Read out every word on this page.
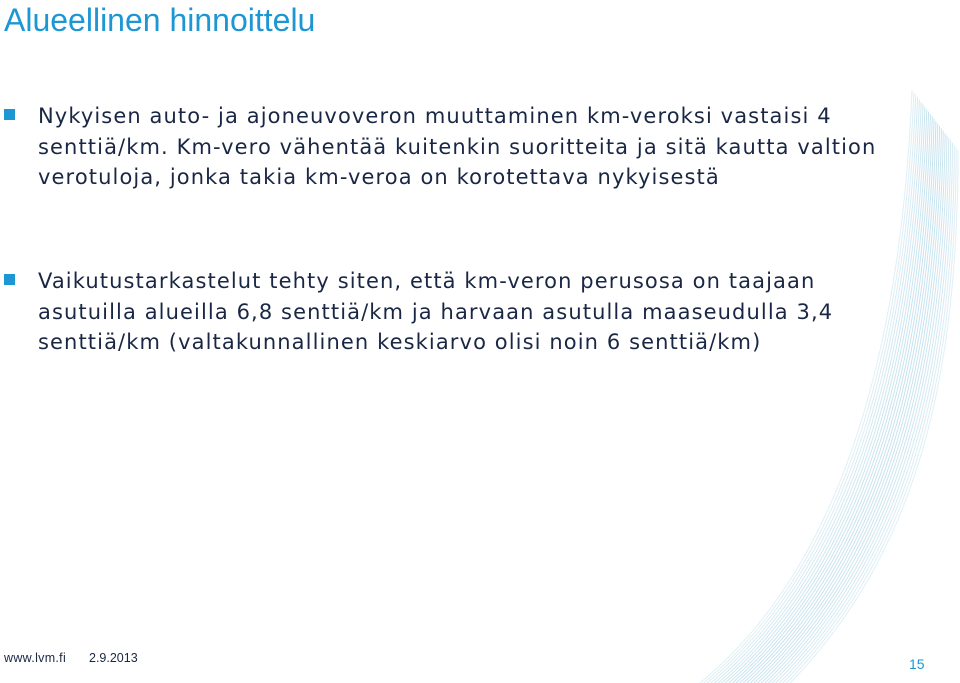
Alueellinen hinnoittelu
Nykyisen auto- ja ajoneuvoveron muuttaminen km-veroksi vastaisi 4 senttiä/km. Km-vero vähentää kuitenkin suoritteita ja sitä kautta valtion verotuloja, jonka takia km-veroa on korotettava nykyisestä
Vaikutustarkastelut tehty siten, että km-veron perusosa on taajaan asutuilla alueilla 6,8 senttiä/km ja harvaan asutulla maaseudulla 3,4 senttiä/km (valtakunnallinen keskiarvo olisi noin 6 senttiä/km)
www.lvm.fi 2.9.2013	15
